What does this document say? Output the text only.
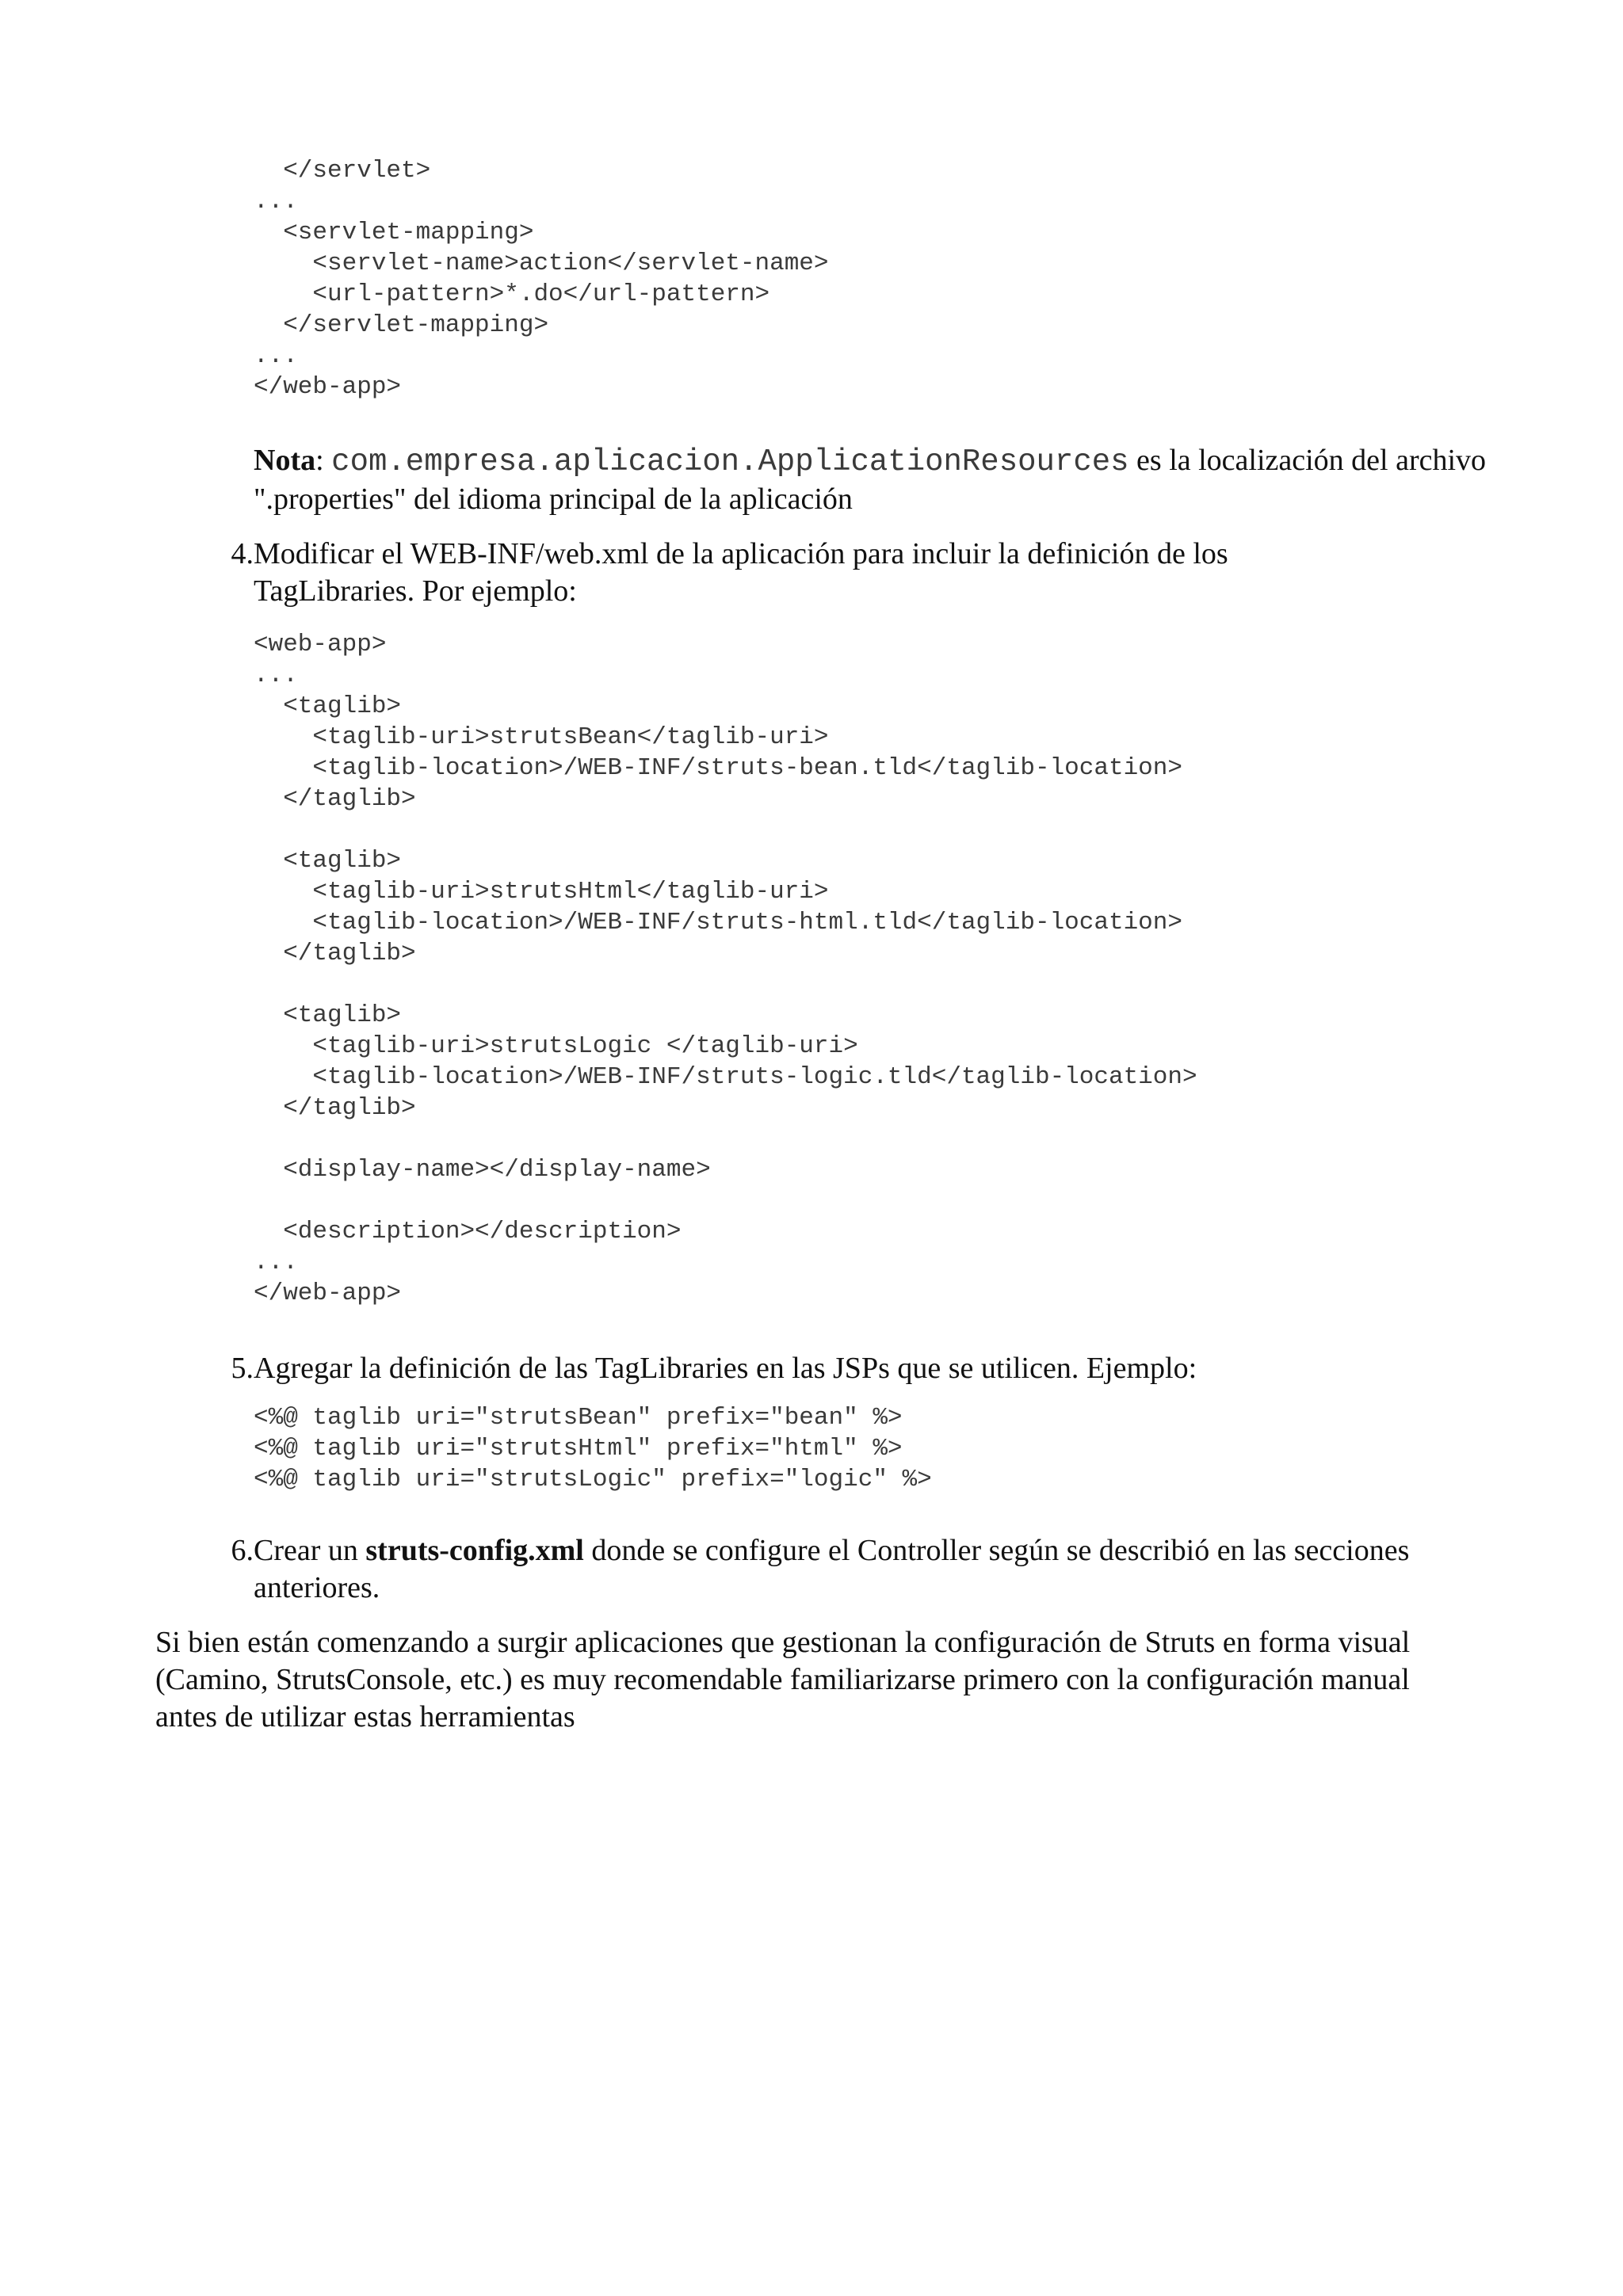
</servlet>
...
<servlet-mapping>
<servlet-name>action</servlet-name>
<url-pattern>*.do</url-pattern>
</servlet-mapping>
...
</web-app>

Nota: com.empresa.aplicacion.ApplicationResources es la localización del archivo ".properties" del idioma principal de la aplicación

4. Modificar el WEB-INF/web.xml de la aplicación para incluir la definición de los TagLibraries. Por ejemplo:

<web-app>
...
<taglib>
<taglib-uri>strutsBean</taglib-uri>
<taglib-location>/WEB-INF/struts-bean.tld</taglib-location>
</taglib>

<taglib>
<taglib-uri>strutsHtml</taglib-uri>
<taglib-location>/WEB-INF/struts-html.tld</taglib-location>
</taglib>

<taglib>
<taglib-uri>strutsLogic </taglib-uri>
<taglib-location>/WEB-INF/struts-logic.tld</taglib-location>
</taglib>

<display-name></display-name>

<description></description>
...
</web-app>
5. Agregar la definición de las TagLibraries en las JSPs que se utilicen. Ejemplo:

<%@ taglib uri="strutsBean" prefix="bean" %>
<%@ taglib uri="strutsHtml" prefix="html" %>
<%@ taglib uri="strutsLogic" prefix="logic" %>
6. Crear un struts-config.xml donde se configure el Controller según se describió en las secciones anteriores.

Si bien están comenzando a surgir aplicaciones que gestionan la configuración de Struts en forma visual (Camino, StrutsConsole, etc.) es muy recomendable familiarizarse primero con la configuración manual antes de utilizar estas herramientas
